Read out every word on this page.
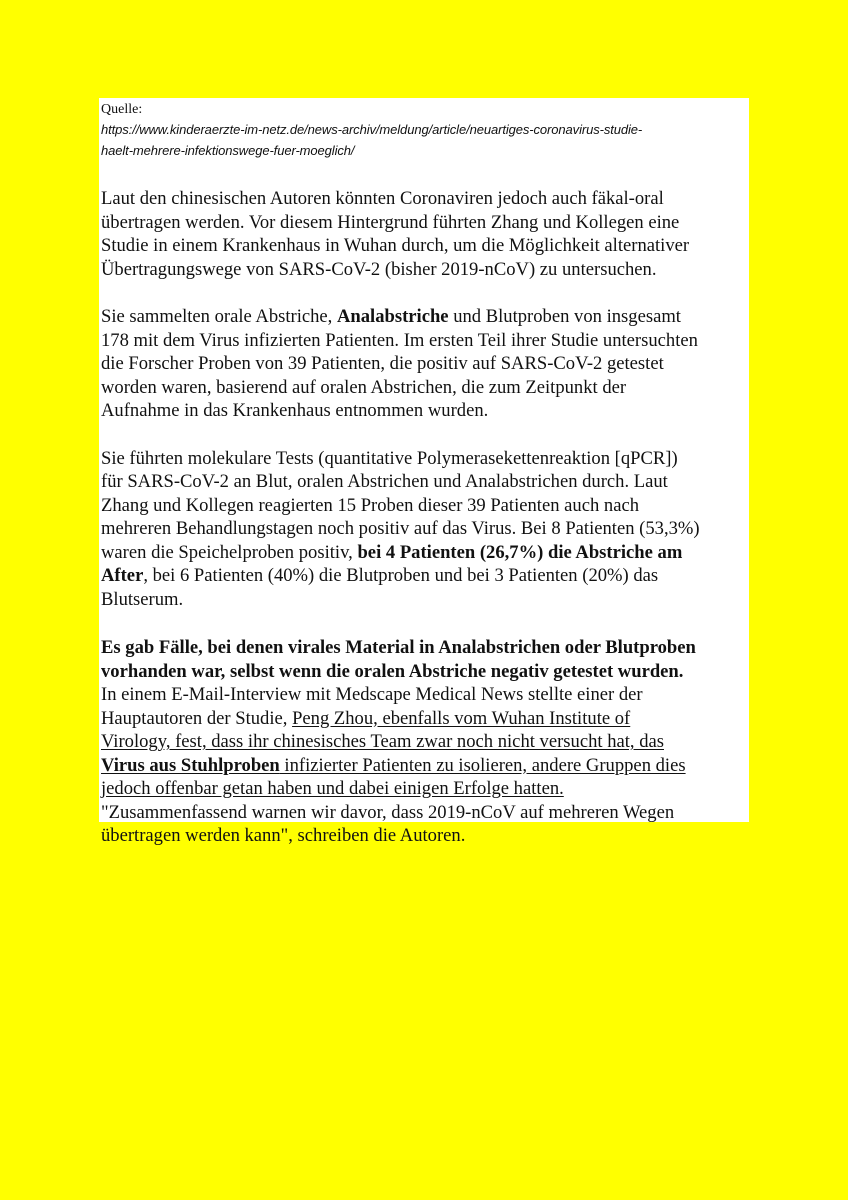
Quelle:
https://www.kinderaerzte-im-netz.de/news-archiv/meldung/article/neuartiges-coronavirus-studie-
haelt-mehrere-infektionswege-fuer-moeglich/
Laut den chinesischen Autoren könnten Coronaviren jedoch auch fäkal-oral
übertragen werden. Vor diesem Hintergrund führten Zhang und Kollegen eine
Studie in einem Krankenhaus in Wuhan durch, um die Möglichkeit alternativer
Übertragungswege von SARS-CoV-2 (bisher 2019-nCoV) zu untersuchen.
Sie sammelten orale Abstriche, Analabstriche und Blutproben von insgesamt
178 mit dem Virus infizierten Patienten. Im ersten Teil ihrer Studie untersuchten
die Forscher Proben von 39 Patienten, die positiv auf SARS-CoV-2 getestet
worden waren, basierend auf oralen Abstrichen, die zum Zeitpunkt der
Aufnahme in das Krankenhaus entnommen wurden.
Sie führten molekulare Tests (quantitative Polymerasekettenreaktion [qPCR])
für SARS-CoV-2 an Blut, oralen Abstrichen und Analabstrichen durch. Laut
Zhang und Kollegen reagierten 15 Proben dieser 39 Patienten auch nach
mehreren Behandlungstagen noch positiv auf das Virus. Bei 8 Patienten (53,3%)
waren die Speichelproben positiv, bei 4 Patienten (26,7%) die Abstriche am
After, bei 6 Patienten (40%) die Blutproben und bei 3 Patienten (20%) das
Blutserum.
Es gab Fälle, bei denen virales Material in Analabstrichen oder Blutproben
vorhanden war, selbst wenn die oralen Abstriche negativ getestet wurden.
In einem E-Mail-Interview mit Medscape Medical News stellte einer der
Hauptautoren der Studie, Peng Zhou, ebenfalls vom Wuhan Institute of
Virology, fest, dass ihr chinesisches Team zwar noch nicht versucht hat, das
Virus aus Stuhlproben infizierter Patienten zu isolieren, andere Gruppen dies
jedoch offenbar getan haben und dabei einigen Erfolge hatten.
"Zusammenfassend warnen wir davor, dass 2019-nCoV auf mehreren Wegen
übertragen werden kann", schreiben die Autoren.
